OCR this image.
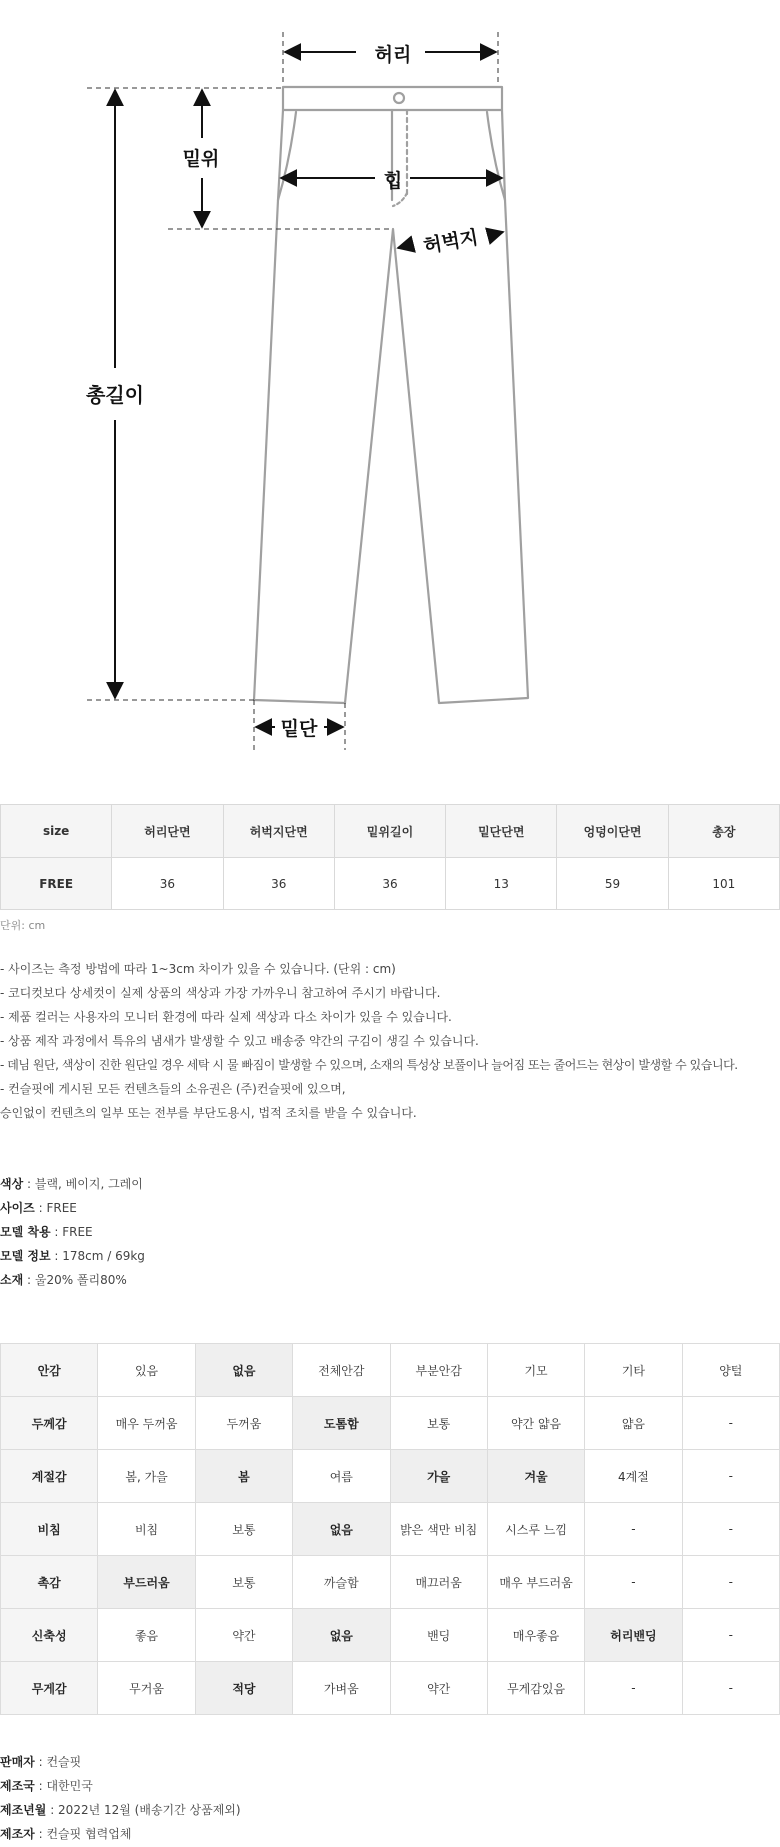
허리
밑위
힙
허벅지
총길이
밑단
size	허리단면	허벅지단면	밑위길이	밑단단면	엉덩이단면	총장
FREE	36	36	36	13	59	101
단위: cm
- 사이즈는 측정 방법에 따라 1~3cm 차이가 있을 수 있습니다. (단위 : cm)
- 코디컷보다 상세컷이 실제 상품의 색상과 가장 가까우니 참고하여 주시기 바랍니다.
- 제품 컬러는 사용자의 모니터 환경에 따라 실제 색상과 다소 차이가 있을 수 있습니다.
- 상품 제작 과정에서 특유의 냄새가 발생할 수 있고 배송중 약간의 구김이 생길 수 있습니다.
- 데님 원단, 색상이 진한 원단일 경우 세탁 시 물 빠짐이 발생할 수 있으며, 소재의 특성상 보풀이나 늘어짐 또는 줄어드는 현상이 발생할 수 있습니다.
- 컨슬핏에 게시된 모든 컨텐츠들의 소유권은 (주)컨슬핏에 있으며,
승인없이 컨텐츠의 일부 또는 전부를 부단도용시, 법적 조치를 받을 수 있습니다.
색상 : 블랙, 베이지, 그레이
사이즈 : FREE
모델 착용 : FREE
모델 정보 : 178cm / 69kg
소재 : 울20% 폴리80%
안감	있음	없음	전체안감	부분안감	기모	기타	양털
두께감	매우 두꺼움	두꺼움	도톰함	보통	약간 얇음	얇음	-
계절감	봄, 가을	봄	여름	가을	겨울	4계절	-
비침	비침	보통	없음	밝은 색만 비침	시스루 느낌	-	-
촉감	부드러움	보통	까슬함	매끄러움	매우 부드러움	-	-
신축성	좋음	약간	없음	밴딩	매우좋음	허리밴딩	-
무게감	무거움	적당	가벼움	약간	무게감있음	-	-
판매자 : 컨슬핏
제조국 : 대한민국
제조년월 : 2022년 12월 (배송기간 상품제외)
제조자 : 컨슬핏 협력업체
